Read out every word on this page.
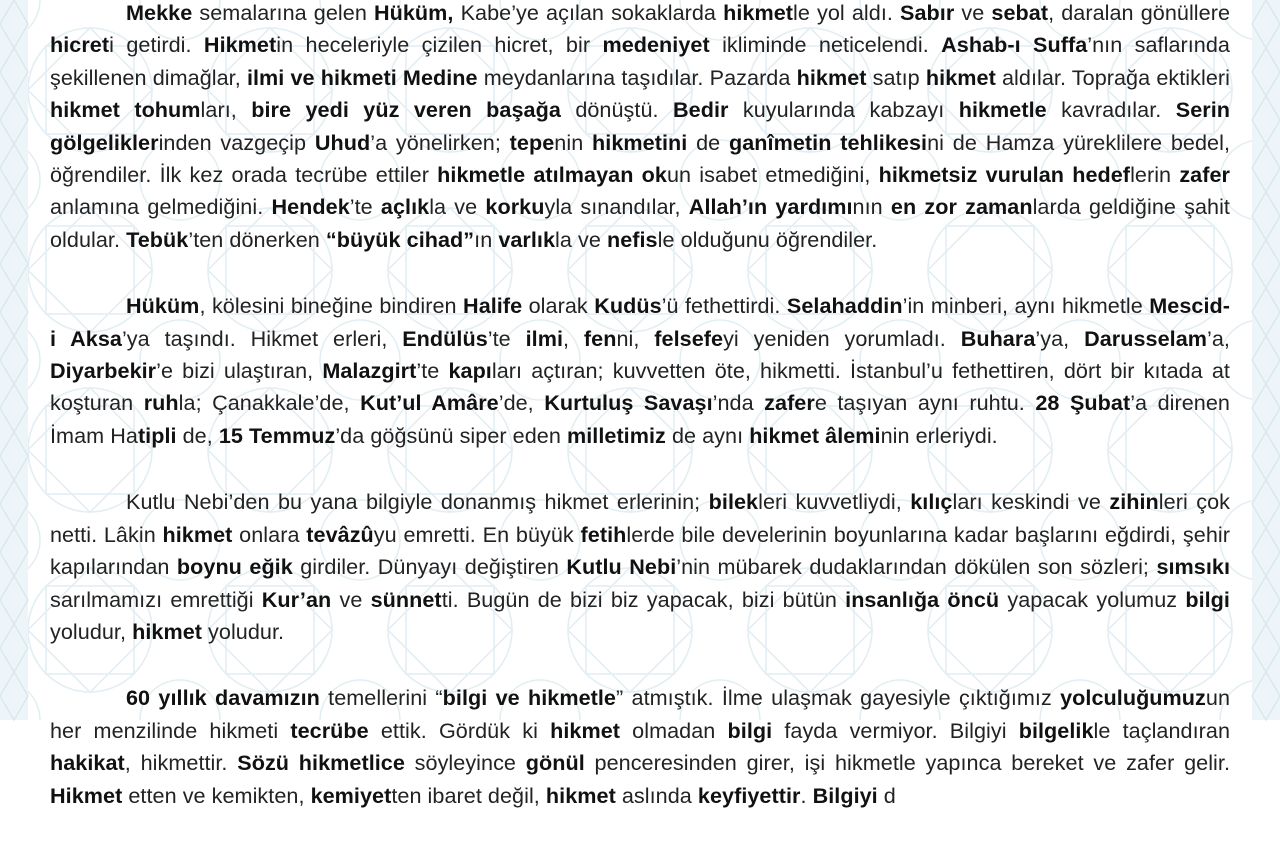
Mekke semalarına gelen Hüküm, Kabe’ye açılan sokaklarda hikmetle yol aldı. Sabır ve sebat, daralan gönüllere hicreti getirdi. Hikmetin heceleriyle çizilen hicret, bir medeniyet ikliminde neticelendi. Ashab-ı Suffa’nın saflarında şekillenen dimağlar, ilmi ve hikmeti Medine meydanlarına taşıdılar. Pazarda hikmet satıp hikmet aldılar. Toprağa ektikleri hikmet tohumları, bire yedi yüz veren başağa dönüştü. Bedir kuyularında kabzayı hikmetle kavradılar. Serin gölgeliklerinden vazgeçip Uhud’a yönelirken; tepenin hikmetini de ganîmetin tehlikesini de Hamza yüreklilere bedel, öğrendiler. İlk kez orada tecrübe ettiler hikmetle atılmayan okun isabet etmediğini, hikmetsiz vurulan hedeflerin zafer anlamına gelmediğini. Hendek’te açlıkla ve korkuyla sınandılar, Allah’ın yardımının en zor zamanlarda geldiğine şahit oldular. Tebük’ten dönerken “büyük cihad”ın varlıkla ve nefisle olduğunu öğrendiler.

Hüküm, kölesini bineğine bindiren Halife olarak Kudüs’ü fethettirdi. Selahaddin’in minberi, aynı hikmetle Mescid-i Aksa’ya taşındı. Hikmet erleri, Endülüs’te ilmi, fenni, felsefeyi yeniden yorumladı. Buhara’ya, Darusselam’a, Diyarbekir’e bizi ulaştıran, Malazgirt’te kapıları açtıran; kuvvetten öte, hikmetti. İstanbul’u fethettiren, dört bir kıtada at koşturan ruhla; Çanakkale’de, Kut’ul Amâre’de, Kurtuluş Savaşı’nda zafere taşıyan aynı ruhtu. 28 Şubat’a direnen İmam Hatipli de, 15 Temmuz’da göğsünü siper eden milletimiz de aynı hikmet âleminin erleriydi.

Kutlu Nebi’den bu yana bilgiyle donanmış hikmet erlerinin; bilekleri kuvvetliydi, kılıçları keskindi ve zihinleri çok netti. Lâkin hikmet onlara tevâzûyu emretti. En büyük fetihlerde bile develerinin boyunlarına kadar başlarını eğdirdi, şehir kapılarından boynu eğik girdiler. Dünyayı değiştiren Kutlu Nebi’nin mübarek dudaklarından dökülen son sözleri; sımsıkı sarılmamızı emrettiği Kur’an ve sünnetti. Bugün de bizi biz yapacak, bizi bütün insanlığa öncü yapacak yolumuz bilgi yoludur, hikmet yoludur.

60 yıllık davamızın temellerini “bilgi ve hikmetle” atmıştık. İlme ulaşmak gayesiyle çıktığımız yolculuğumuzun her menzilinde hikmeti tecrübe ettik. Gördük ki hikmet olmadan bilgi fayda vermiyor. Bilgiyi bilgelikle taçlandıran hakikat, hikmettir. Sözü hikmetlice söyleyince gönül penceresinden girer, işi hikmetle yapınca bereket ve zafer gelir. Hikmet etten ve kemikten, kemiyetten ibaret değil, hikmet aslında keyfiyettir. Bilgiyi d
